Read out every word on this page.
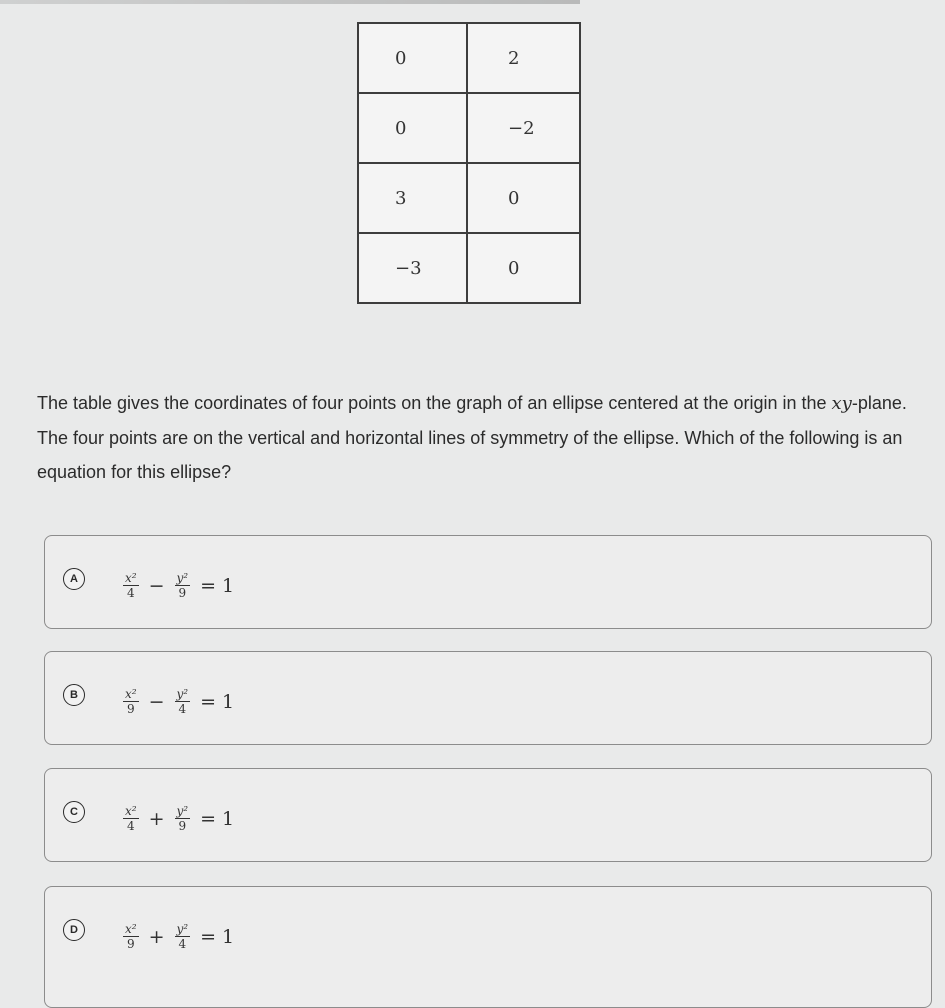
0	2
0	−2
3	0
−3	0
The table gives the coordinates of four points on the graph of an ellipse centered at the origin in the xy-plane. The four points are on the vertical and horizontal lines of symmetry of the ellipse. Which of the following is an equation for this ellipse?
A	$\frac{\text{x²}}{4} - \frac{\text{y²}}{9} = 1$
B	$\frac{\text{x²}}{9} - \frac{\text{y²}}{4} = 1$
C	$\frac{\text{x²}}{4} + \frac{\text{y²}}{9} = 1$
D	$\frac{\text{x²}}{9} + \frac{\text{y²}}{4} = 1$
